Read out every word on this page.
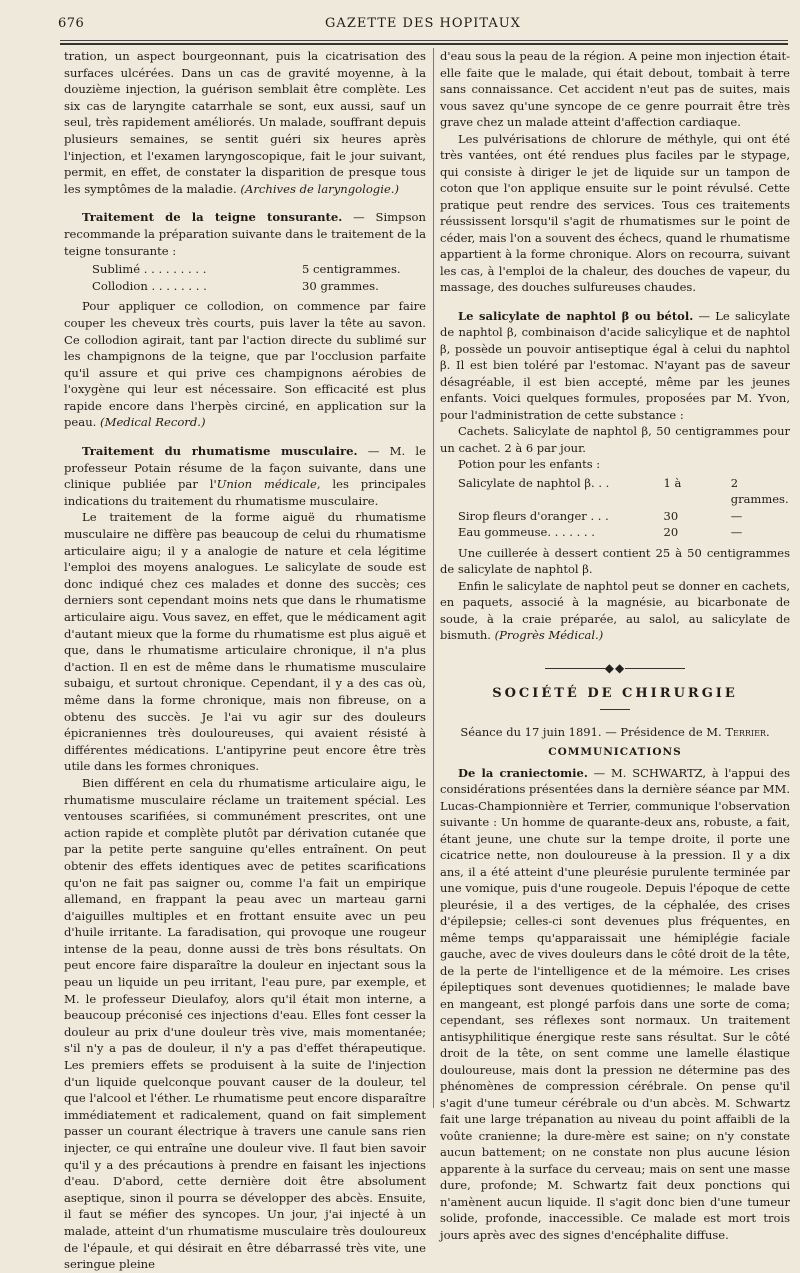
676	GAZETTE DES HOPITAUX

tration, un aspect bourgeonnant, puis la cicatrisation des surfaces ulcérées. Dans un cas de gravité moyenne, à la douzième injection, la guérison semblait être complète. Les six cas de laryngite catarrhale se sont, eux aussi, sauf un seul, très rapidement améliorés. Un malade, souffrant depuis plusieurs semaines, se sentit guéri six heures après l'injection, et l'examen laryngoscopique, fait le jour suivant, permit, en effet, de constater la disparition de presque tous les symptômes de la maladie. (Archives de laryngologie.)

Traitement de la teigne tonsurante. — Simpson recommande la préparation suivante dans le traitement de la teigne tonsurante :

Sublimé . . . . . . . . .	5 centigrammes.
Collodion . . . . . . . .	30 grammes.

Pour appliquer ce collodion, on commence par faire couper les cheveux très courts, puis laver la tête au savon. Ce collodion agirait, tant par l'action directe du sublimé sur les champignons de la teigne, que par l'occlusion parfaite qu'il assure et qui prive ces champignons aérobies de l'oxygène qui leur est nécessaire. Son efficacité est plus rapide encore dans l'herpès circiné, en application sur la peau. (Medical Record.)

Traitement du rhumatisme musculaire. — M. le professeur Potain résume de la façon suivante, dans une clinique publiée par l'Union médicale, les principales indications du traitement du rhumatisme musculaire.

Le traitement de la forme aiguë du rhumatisme musculaire ne diffère pas beaucoup de celui du rhumatisme articulaire aigu; il y a analogie de nature et cela légitime l'emploi des moyens analogues. Le salicylate de soude est donc indiqué chez ces malades et donne des succès; ces derniers sont cependant moins nets que dans le rhumatisme articulaire aigu. Vous savez, en effet, que le médicament agit d'autant mieux que la forme du rhumatisme est plus aiguë et que, dans le rhumatisme articulaire chronique, il n'a plus d'action. Il en est de même dans le rhumatisme musculaire subaigu, et surtout chronique. Cependant, il y a des cas où, même dans la forme chronique, mais non fibreuse, on a obtenu des succès. Je l'ai vu agir sur des douleurs épicraniennes très douloureuses, qui avaient résisté à différentes médications. L'antipyrine peut encore être très utile dans les formes chroniques.

Bien différent en cela du rhumatisme articulaire aigu, le rhumatisme musculaire réclame un traitement spécial. Les ventouses scarifiées, si communément prescrites, ont une action rapide et complète plutôt par dérivation cutanée que par la petite perte sanguine qu'elles entraînent. On peut obtenir des effets identiques avec de petites scarifications qu'on ne fait pas saigner ou, comme l'a fait un empirique allemand, en frappant la peau avec un marteau garni d'aiguilles multiples et en frottant ensuite avec un peu d'huile irritante. La faradisation, qui provoque une rougeur intense de la peau, donne aussi de très bons résultats. On peut encore faire disparaître la douleur en injectant sous la peau un liquide un peu irritant, l'eau pure, par exemple, et M. le professeur Dieulafoy, alors qu'il était mon interne, a beaucoup préconisé ces injections d'eau. Elles font cesser la douleur au prix d'une douleur très vive, mais momentanée; s'il n'y a pas de douleur, il n'y a pas d'effet thérapeutique. Les premiers effets se produisent à la suite de l'injection d'un liquide quelconque pouvant causer de la douleur, tel que l'alcool et l'éther. Le rhumatisme peut encore disparaître immédiatement et radicalement, quand on fait simplement passer un courant électrique à travers une canule sans rien injecter, ce qui entraîne une douleur vive. Il faut bien savoir qu'il y a des précautions à prendre en faisant les injections d'eau. D'abord, cette dernière doit être absolument aseptique, sinon il pourra se développer des abcès. Ensuite, il faut se méfier des syncopes. Un jour, j'ai injecté à un malade, atteint d'un rhumatisme musculaire très douloureux de l'épaule, et qui désirait en être débarrassé très vite, une seringue pleine

d'eau sous la peau de la région. A peine mon injection était-elle faite que le malade, qui était debout, tombait à terre sans connaissance. Cet accident n'eut pas de suites, mais vous savez qu'une syncope de ce genre pourrait être très grave chez un malade atteint d'affection cardiaque.

Les pulvérisations de chlorure de méthyle, qui ont été très vantées, ont été rendues plus faciles par le stypage, qui consiste à diriger le jet de liquide sur un tampon de coton que l'on applique ensuite sur le point révulsé. Cette pratique peut rendre des services. Tous ces traitements réussissent lorsqu'il s'agit de rhumatismes sur le point de céder, mais l'on a souvent des échecs, quand le rhumatisme appartient à la forme chronique. Alors on recourra, suivant les cas, à l'emploi de la chaleur, des douches de vapeur, du massage, des douches sulfureuses chaudes.

Le salicylate de naphtol β ou bétol. — Le salicylate de naphtol β, combinaison d'acide salicylique et de naphtol β, possède un pouvoir antiseptique égal à celui du naphtol β. Il est bien toléré par l'estomac. N'ayant pas de saveur désagréable, il est bien accepté, même par les jeunes enfants. Voici quelques formules, proposées par M. Yvon, pour l'administration de cette substance :

Cachets. Salicylate de naphtol β, 50 centigrammes pour un cachet. 2 à 6 par jour.

Potion pour les enfants :

Salicylate de naphtol β. . .	1 à	2 grammes.
Sirop fleurs d'oranger . . .	30	—
Eau gommeuse. . . . . . .	20	—

Une cuillerée à dessert contient 25 à 50 centigrammes de salicylate de naphtol β.

Enfin le salicylate de naphtol peut se donner en cachets, en paquets, associé à la magnésie, au bicarbonate de soude, à la craie préparée, au salol, au salicylate de bismuth. (Progrès Médical.)

◆◆
SOCIÉTÉ DE CHIRURGIE
Séance du 17 juin 1891. — Présidence de M. Terrier.
COMMUNICATIONS

De la craniectomie. — M. SCHWARTZ, à l'appui des considérations présentées dans la dernière séance par MM. Lucas-Championnière et Terrier, communique l'observation suivante : Un homme de quarante-deux ans, robuste, a fait, étant jeune, une chute sur la tempe droite, il porte une cicatrice nette, non douloureuse à la pression. Il y a dix ans, il a été atteint d'une pleurésie purulente terminée par une vomique, puis d'une rougeole. Depuis l'époque de cette pleurésie, il a des vertiges, de la céphalée, des crises d'épilepsie; celles-ci sont devenues plus fréquentes, en même temps qu'apparaissait une hémiplégie faciale gauche, avec de vives douleurs dans le côté droit de la tête, de la perte de l'intelligence et de la mémoire. Les crises épileptiques sont devenues quotidiennes; le malade bave en mangeant, est plongé parfois dans une sorte de coma; cependant, ses réflexes sont normaux. Un traitement antisyphilitique énergique reste sans résultat. Sur le côté droit de la tête, on sent comme une lamelle élastique douloureuse, mais dont la pression ne détermine pas des phénomènes de compression cérébrale. On pense qu'il s'agit d'une tumeur cérébrale ou d'un abcès. M. Schwartz fait une large trépanation au niveau du point affaibli de la voûte cranienne; la dure-mère est saine; on n'y constate aucun battement; on ne constate non plus aucune lésion apparente à la surface du cerveau; mais on sent une masse dure, profonde; M. Schwartz fait deux ponctions qui n'amènent aucun liquide. Il s'agit donc bien d'une tumeur solide, profonde, inaccessible. Ce malade est mort trois jours après avec des signes d'encéphalite diffuse.
